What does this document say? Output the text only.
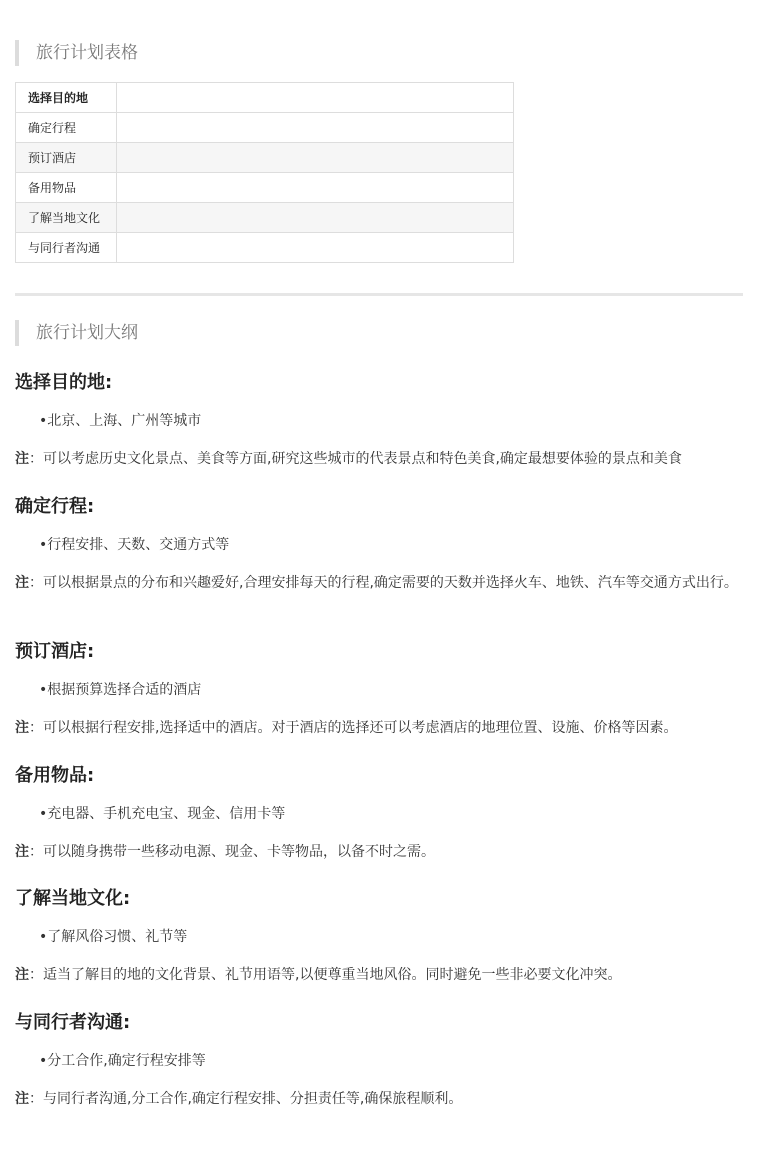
旅行计划表格
选择目的地	
确定行程	
预订酒店	
备用物品	
了解当地文化	
与同行者沟通	
旅行计划大纲

选择目的地:

•北京、上海、广州等城市

注：可以考虑历史文化景点、美食等方面,研究这些城市的代表景点和特色美食,确定最想要体验的景点和美食

确定行程:

•行程安排、天数、交通方式等

注：可以根据景点的分布和兴趣爱好,合理安排每天的行程,确定需要的天数并选择火车、地铁、汽车等交通方式出行。

预订酒店:

•根据预算选择合适的酒店

注：可以根据行程安排,选择适中的酒店。对于酒店的选择还可以考虑酒店的地理位置、设施、价格等因素。

备用物品:

•充电器、手机充电宝、现金、信用卡等

注：可以随身携带一些移动电源、现金、卡等物品，以备不时之需。

了解当地文化:

•了解风俗习惯、礼节等

注：适当了解目的地的文化背景、礼节用语等,以便尊重当地风俗。同时避免一些非必要文化冲突。

与同行者沟通:

•分工合作,确定行程安排等

注：与同行者沟通,分工合作,确定行程安排、分担责任等,确保旅程顺利。
